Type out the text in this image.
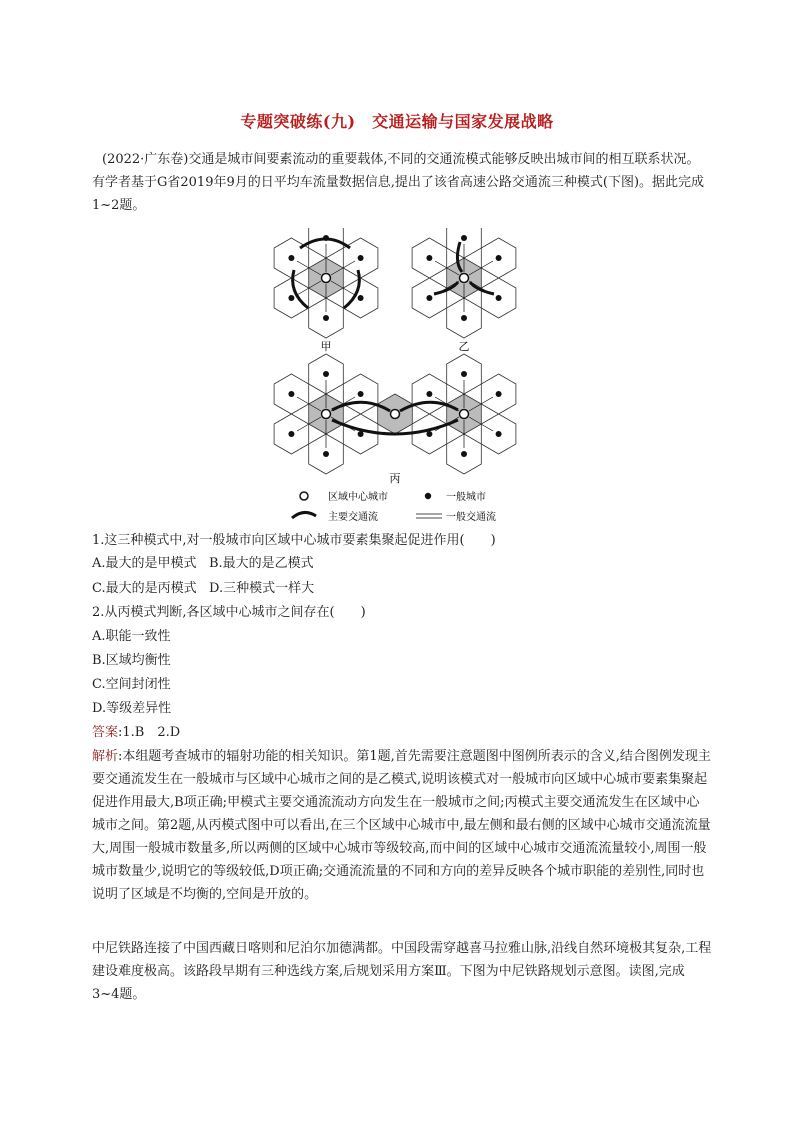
专题突破练(九)　交通运输与国家发展战略

(2022·广东卷)交通是城市间要素流动的重要载体,不同的交通流模式能够反映出城市间的相互联系状况。有学者基于G省2019年9月的日平均车流量数据信息,提出了该省高速公路交通流三种模式(下图)。据此完成1~2题。

甲	乙
丙
区域中心城市	一般城市
主要交通流	一般交通流

1.这三种模式中,对一般城市向区域中心城市要素集聚起促进作用(　　)

A.最大的是甲模式 B.最大的是乙模式

C.最大的是丙模式 D.三种模式一样大

2.从丙模式判断,各区域中心城市之间存在(　　)

A.职能一致性

B.区域均衡性

C.空间封闭性

D.等级差异性

答案:1.B　2.D

解析:本组题考查城市的辐射功能的相关知识。第1题,首先需要注意题图中图例所表示的含义,结合图例发现主要交通流发生在一般城市与区域中心城市之间的是乙模式,说明该模式对一般城市向区域中心城市要素集聚起促进作用最大,B项正确;甲模式主要交通流流动方向发生在一般城市之间;丙模式主要交通流发生在区域中心城市之间。第2题,从丙模式图中可以看出,在三个区域中心城市中,最左侧和最右侧的区域中心城市交通流流量大,周围一般城市数量多,所以两侧的区域中心城市等级较高,而中间的区域中心城市交通流流量较小,周围一般城市数量少,说明它的等级较低,D项正确;交通流流量的不同和方向的差异反映各个城市职能的差别性,同时也说明了区域是不均衡的,空间是开放的。

中尼铁路连接了中国西藏日喀则和尼泊尔加德满都。中国段需穿越喜马拉雅山脉,沿线自然环境极其复杂,工程建设难度极高。该路段早期有三种选线方案,后规划采用方案Ⅲ。下图为中尼铁路规划示意图。读图,完成3~4题。
